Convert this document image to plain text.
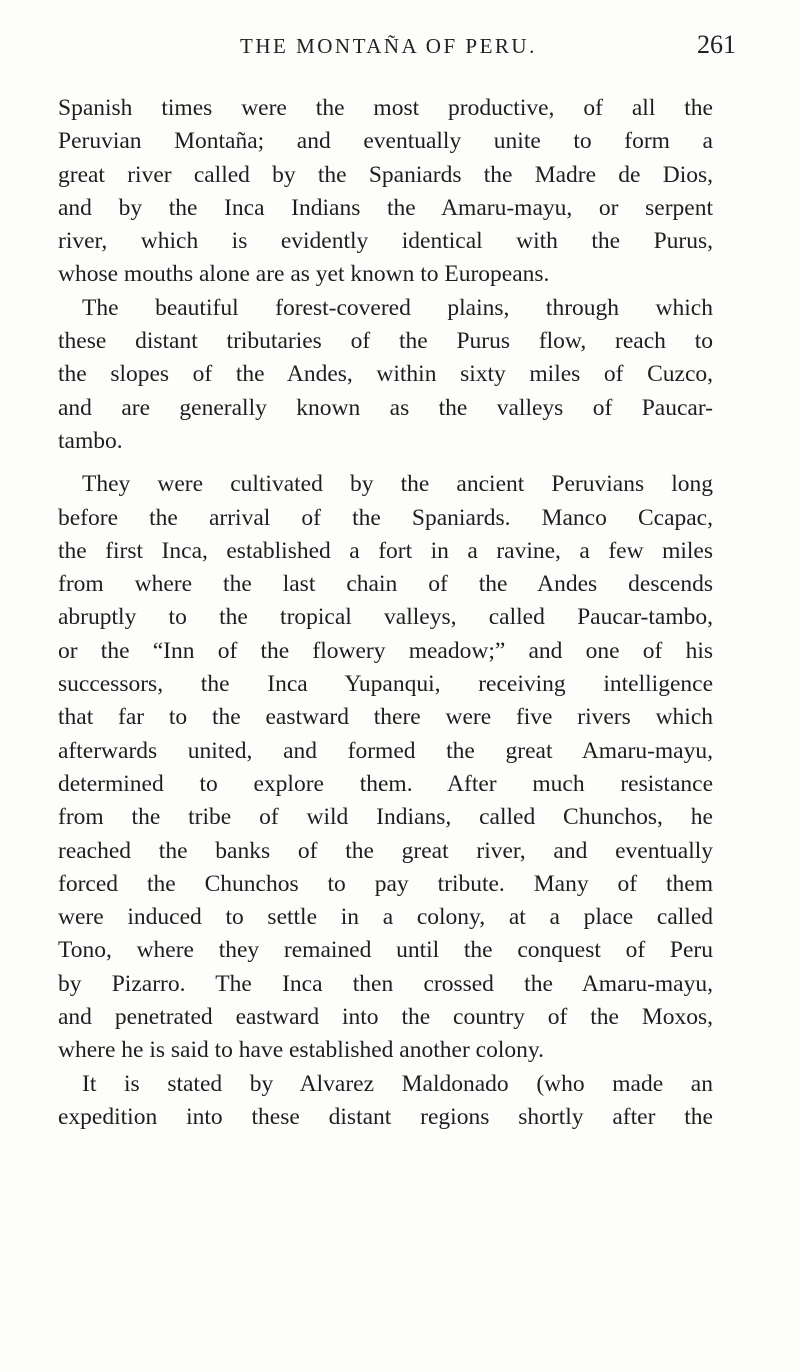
THE MONTAÑA OF PERU.	261
Spanish times were the most productive, of all the
Peruvian Montaña; and eventually unite to form a
great river called by the Spaniards the Madre de Dios,
and by the Inca Indians the Amaru-mayu, or serpent
river, which is evidently identical with the Purus,
whose mouths alone are as yet known to Europeans.
The beautiful forest-covered plains, through which
these distant tributaries of the Purus flow, reach to
the slopes of the Andes, within sixty miles of Cuzco,
and are generally known as the valleys of Paucar-
tambo.
They were cultivated by the ancient Peruvians long
before the arrival of the Spaniards. Manco Ccapac,
the first Inca, established a fort in a ravine, a few miles
from where the last chain of the Andes descends
abruptly to the tropical valleys, called Paucar-tambo,
or the “Inn of the flowery meadow;” and one of his
successors, the Inca Yupanqui, receiving intelligence
that far to the eastward there were five rivers which
afterwards united, and formed the great Amaru-mayu,
determined to explore them. After much resistance
from the tribe of wild Indians, called Chunchos, he
reached the banks of the great river, and eventually
forced the Chunchos to pay tribute. Many of them
were induced to settle in a colony, at a place called
Tono, where they remained until the conquest of Peru
by Pizarro. The Inca then crossed the Amaru-mayu,
and penetrated eastward into the country of the Moxos,
where he is said to have established another colony.
It is stated by Alvarez Maldonado (who made an
expedition into these distant regions shortly after the
